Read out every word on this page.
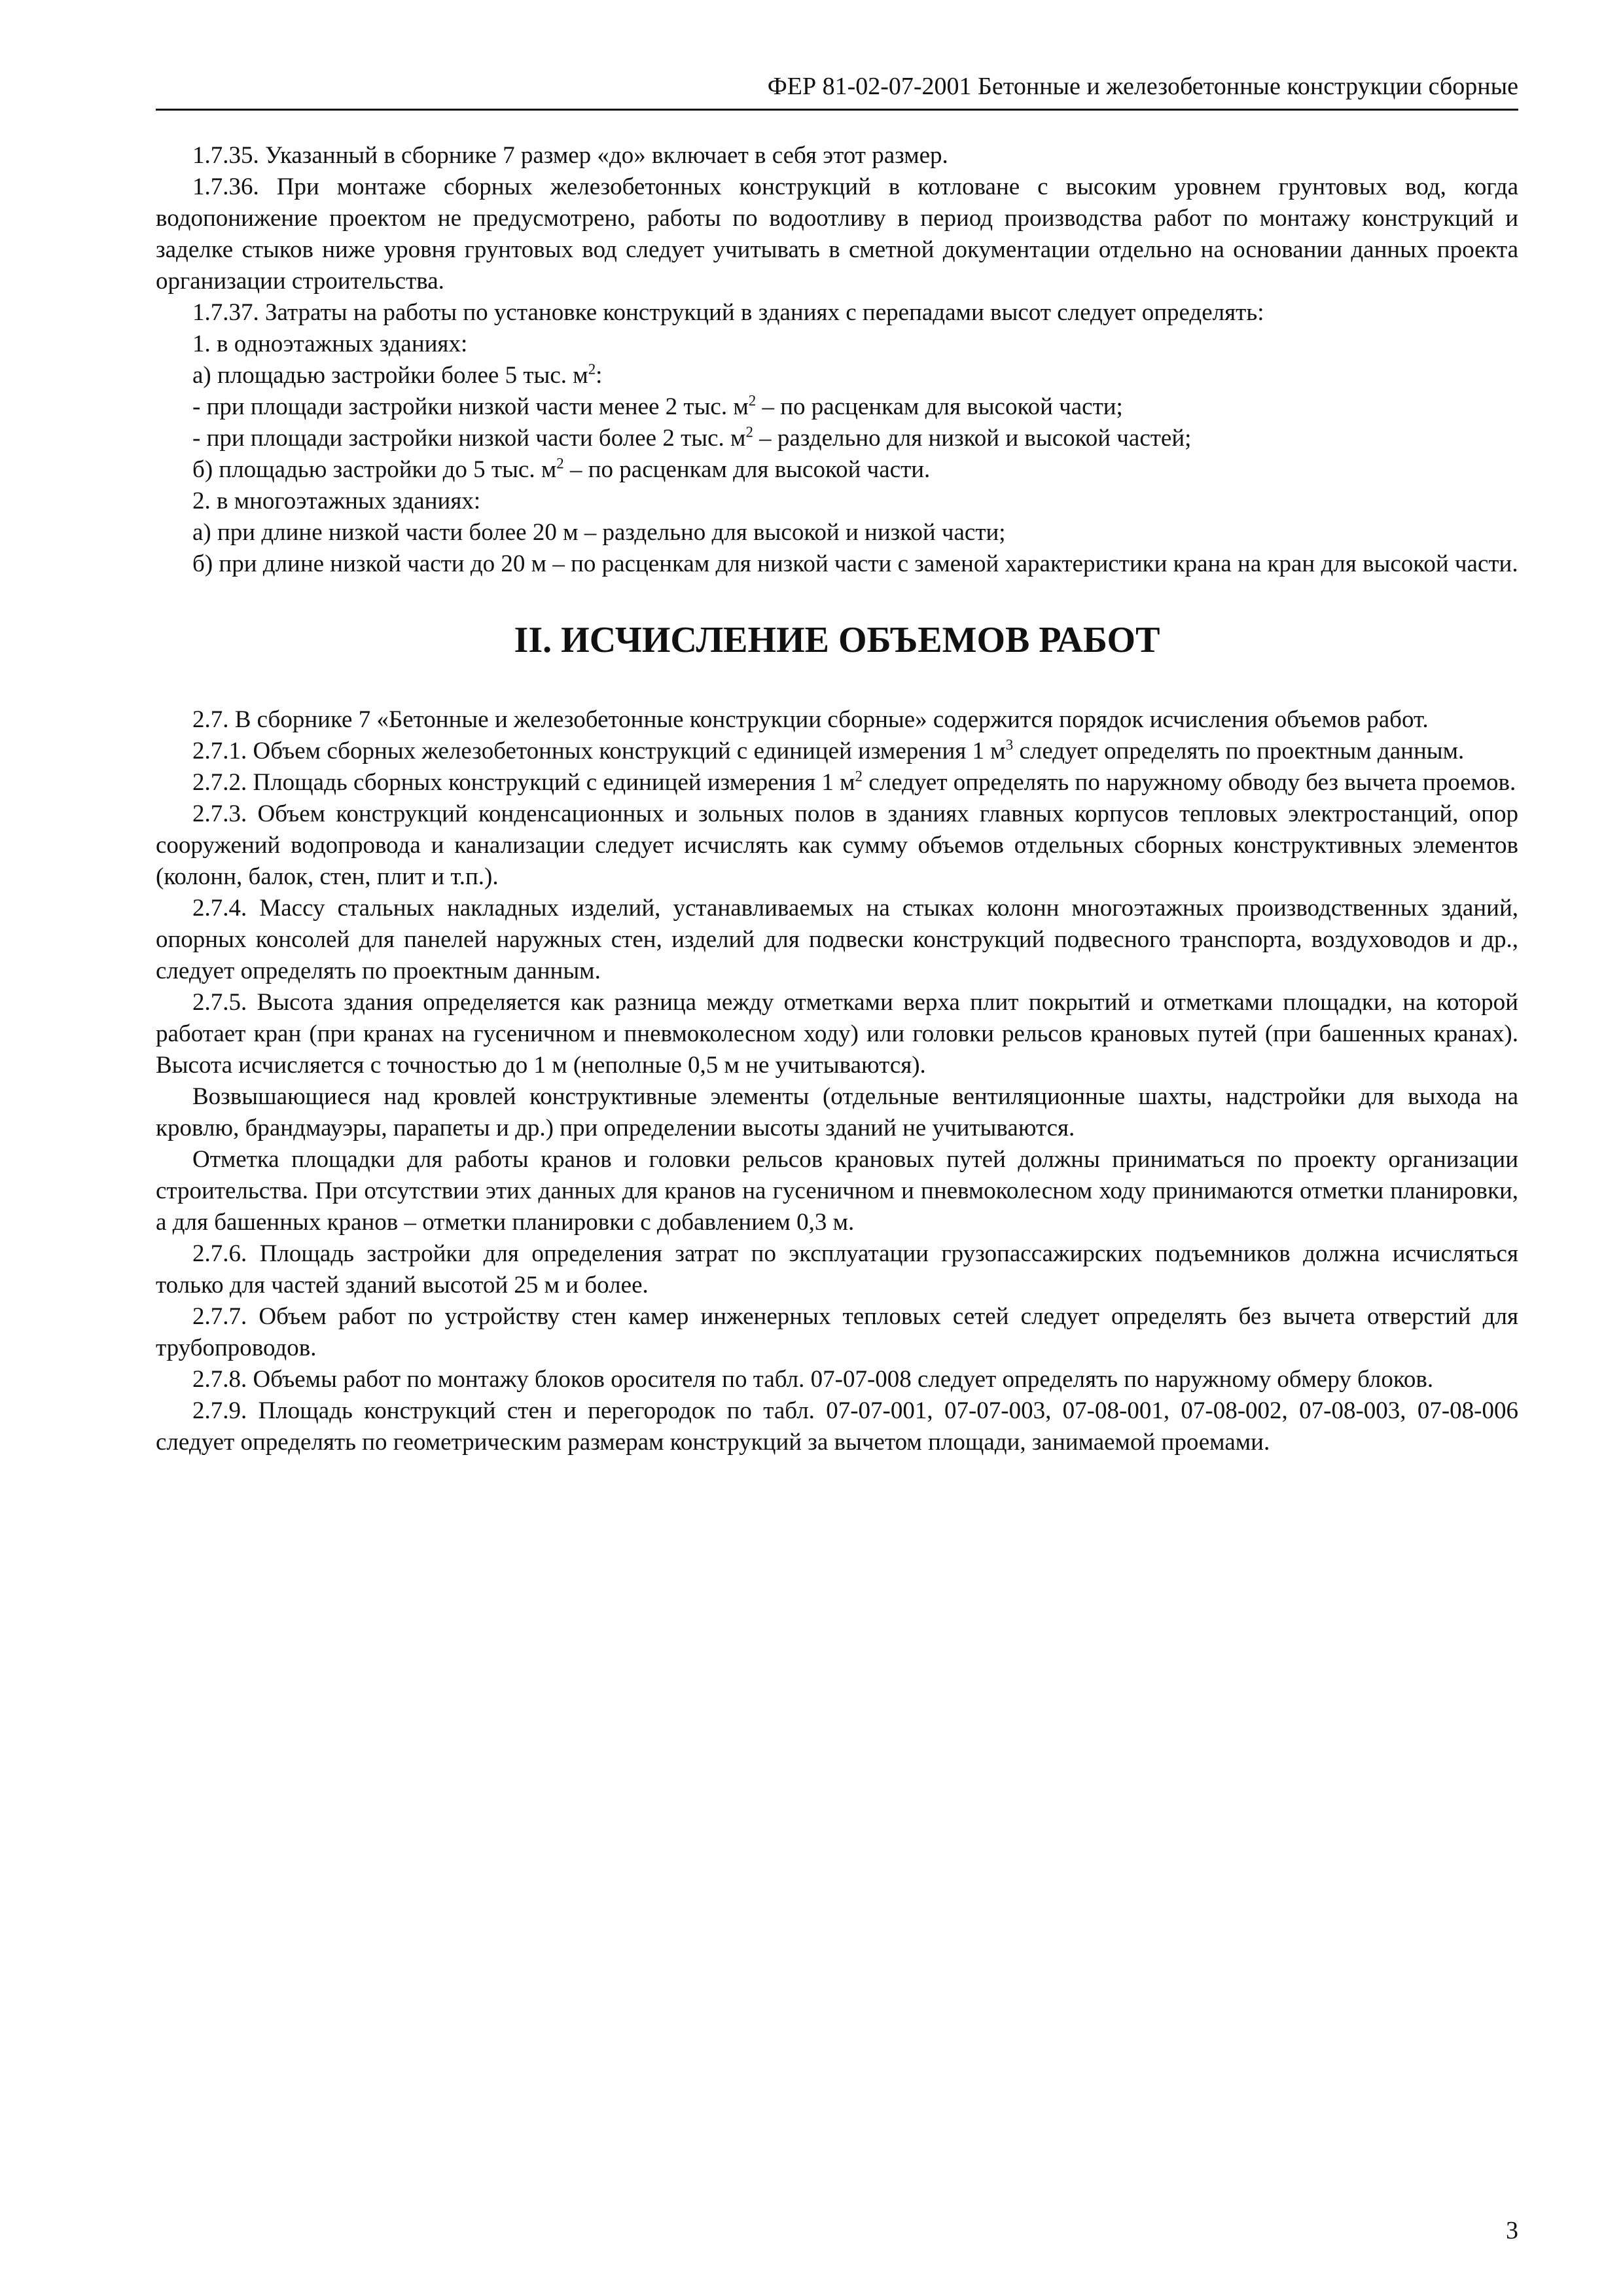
ФЕР 81-02-07-2001 Бетонные и железобетонные конструкции сборные

1.7.35. Указанный в сборнике 7 размер «до» включает в себя этот размер.

1.7.36. При монтаже сборных железобетонных конструкций в котловане с высоким уровнем грунтовых вод, когда водопонижение проектом не предусмотрено, работы по водоотливу в период производства работ по монтажу конструкций и заделке стыков ниже уровня грунтовых вод следует учитывать в сметной документации отдельно на основании данных проекта организации строительства.

1.7.37. Затраты на работы по установке конструкций в зданиях с перепадами высот следует определять:

1. в одноэтажных зданиях:

а) площадью застройки более 5 тыс. $м^2$:

- при площади застройки низкой части менее 2 тыс. $м^2$ – по расценкам для высокой части;

- при площади застройки низкой части более 2 тыс. $м^2$ – раздельно для низкой и высокой частей;

б) площадью застройки до 5 тыс. $м^2$ – по расценкам для высокой части.

2. в многоэтажных зданиях:

а) при длине низкой части более 20 м – раздельно для высокой и низкой части;

б) при длине низкой части до 20 м – по расценкам для низкой части с заменой характеристики крана на кран для высокой части.

II. ИСЧИСЛЕНИЕ ОБЪЕМОВ РАБОТ

2.7. В сборнике 7 «Бетонные и железобетонные конструкции сборные» содержится порядок исчисления объемов работ.

2.7.1. Объем сборных железобетонных конструкций с единицей измерения 1 $м^3$ следует определять по проектным данным.

2.7.2. Площадь сборных конструкций с единицей измерения 1 $м^2$ следует определять по наружному обводу без вычета проемов.

2.7.3. Объем конструкций конденсационных и зольных полов в зданиях главных корпусов тепловых электростанций, опор сооружений водопровода и канализации следует исчислять как сумму объемов отдельных сборных конструктивных элементов (колонн, балок, стен, плит и т.п.).

2.7.4. Массу стальных накладных изделий, устанавливаемых на стыках колонн многоэтажных производственных зданий, опорных консолей для панелей наружных стен, изделий для подвески конструкций подвесного транспорта, воздуховодов и др., следует определять по проектным данным.

2.7.5. Высота здания определяется как разница между отметками верха плит покрытий и отметками площадки, на которой работает кран (при кранах на гусеничном и пневмоколесном ходу) или головки рельсов крановых путей (при башенных кранах). Высота исчисляется с точностью до 1 м (неполные 0,5 м не учитываются).

Возвышающиеся над кровлей конструктивные элементы (отдельные вентиляционные шахты, надстройки для выхода на кровлю, брандмауэры, парапеты и др.) при определении высоты зданий не учитываются.

Отметка площадки для работы кранов и головки рельсов крановых путей должны приниматься по проекту организации строительства. При отсутствии этих данных для кранов на гусеничном и пневмоколесном ходу принимаются отметки планировки, а для башенных кранов – отметки планировки с добавлением 0,3 м.

2.7.6. Площадь застройки для определения затрат по эксплуатации грузопассажирских подъемников должна исчисляться только для частей зданий высотой 25 м и более.

2.7.7. Объем работ по устройству стен камер инженерных тепловых сетей следует определять без вычета отверстий для трубопроводов.

2.7.8. Объемы работ по монтажу блоков оросителя по табл. 07-07-008 следует определять по наружному обмеру блоков.

2.7.9. Площадь конструкций стен и перегородок по табл. 07-07-001, 07-07-003, 07-08-001, 07-08-002, 07-08-003, 07-08-006 следует определять по геометрическим размерам конструкций за вычетом площади, занимаемой проемами.

3
